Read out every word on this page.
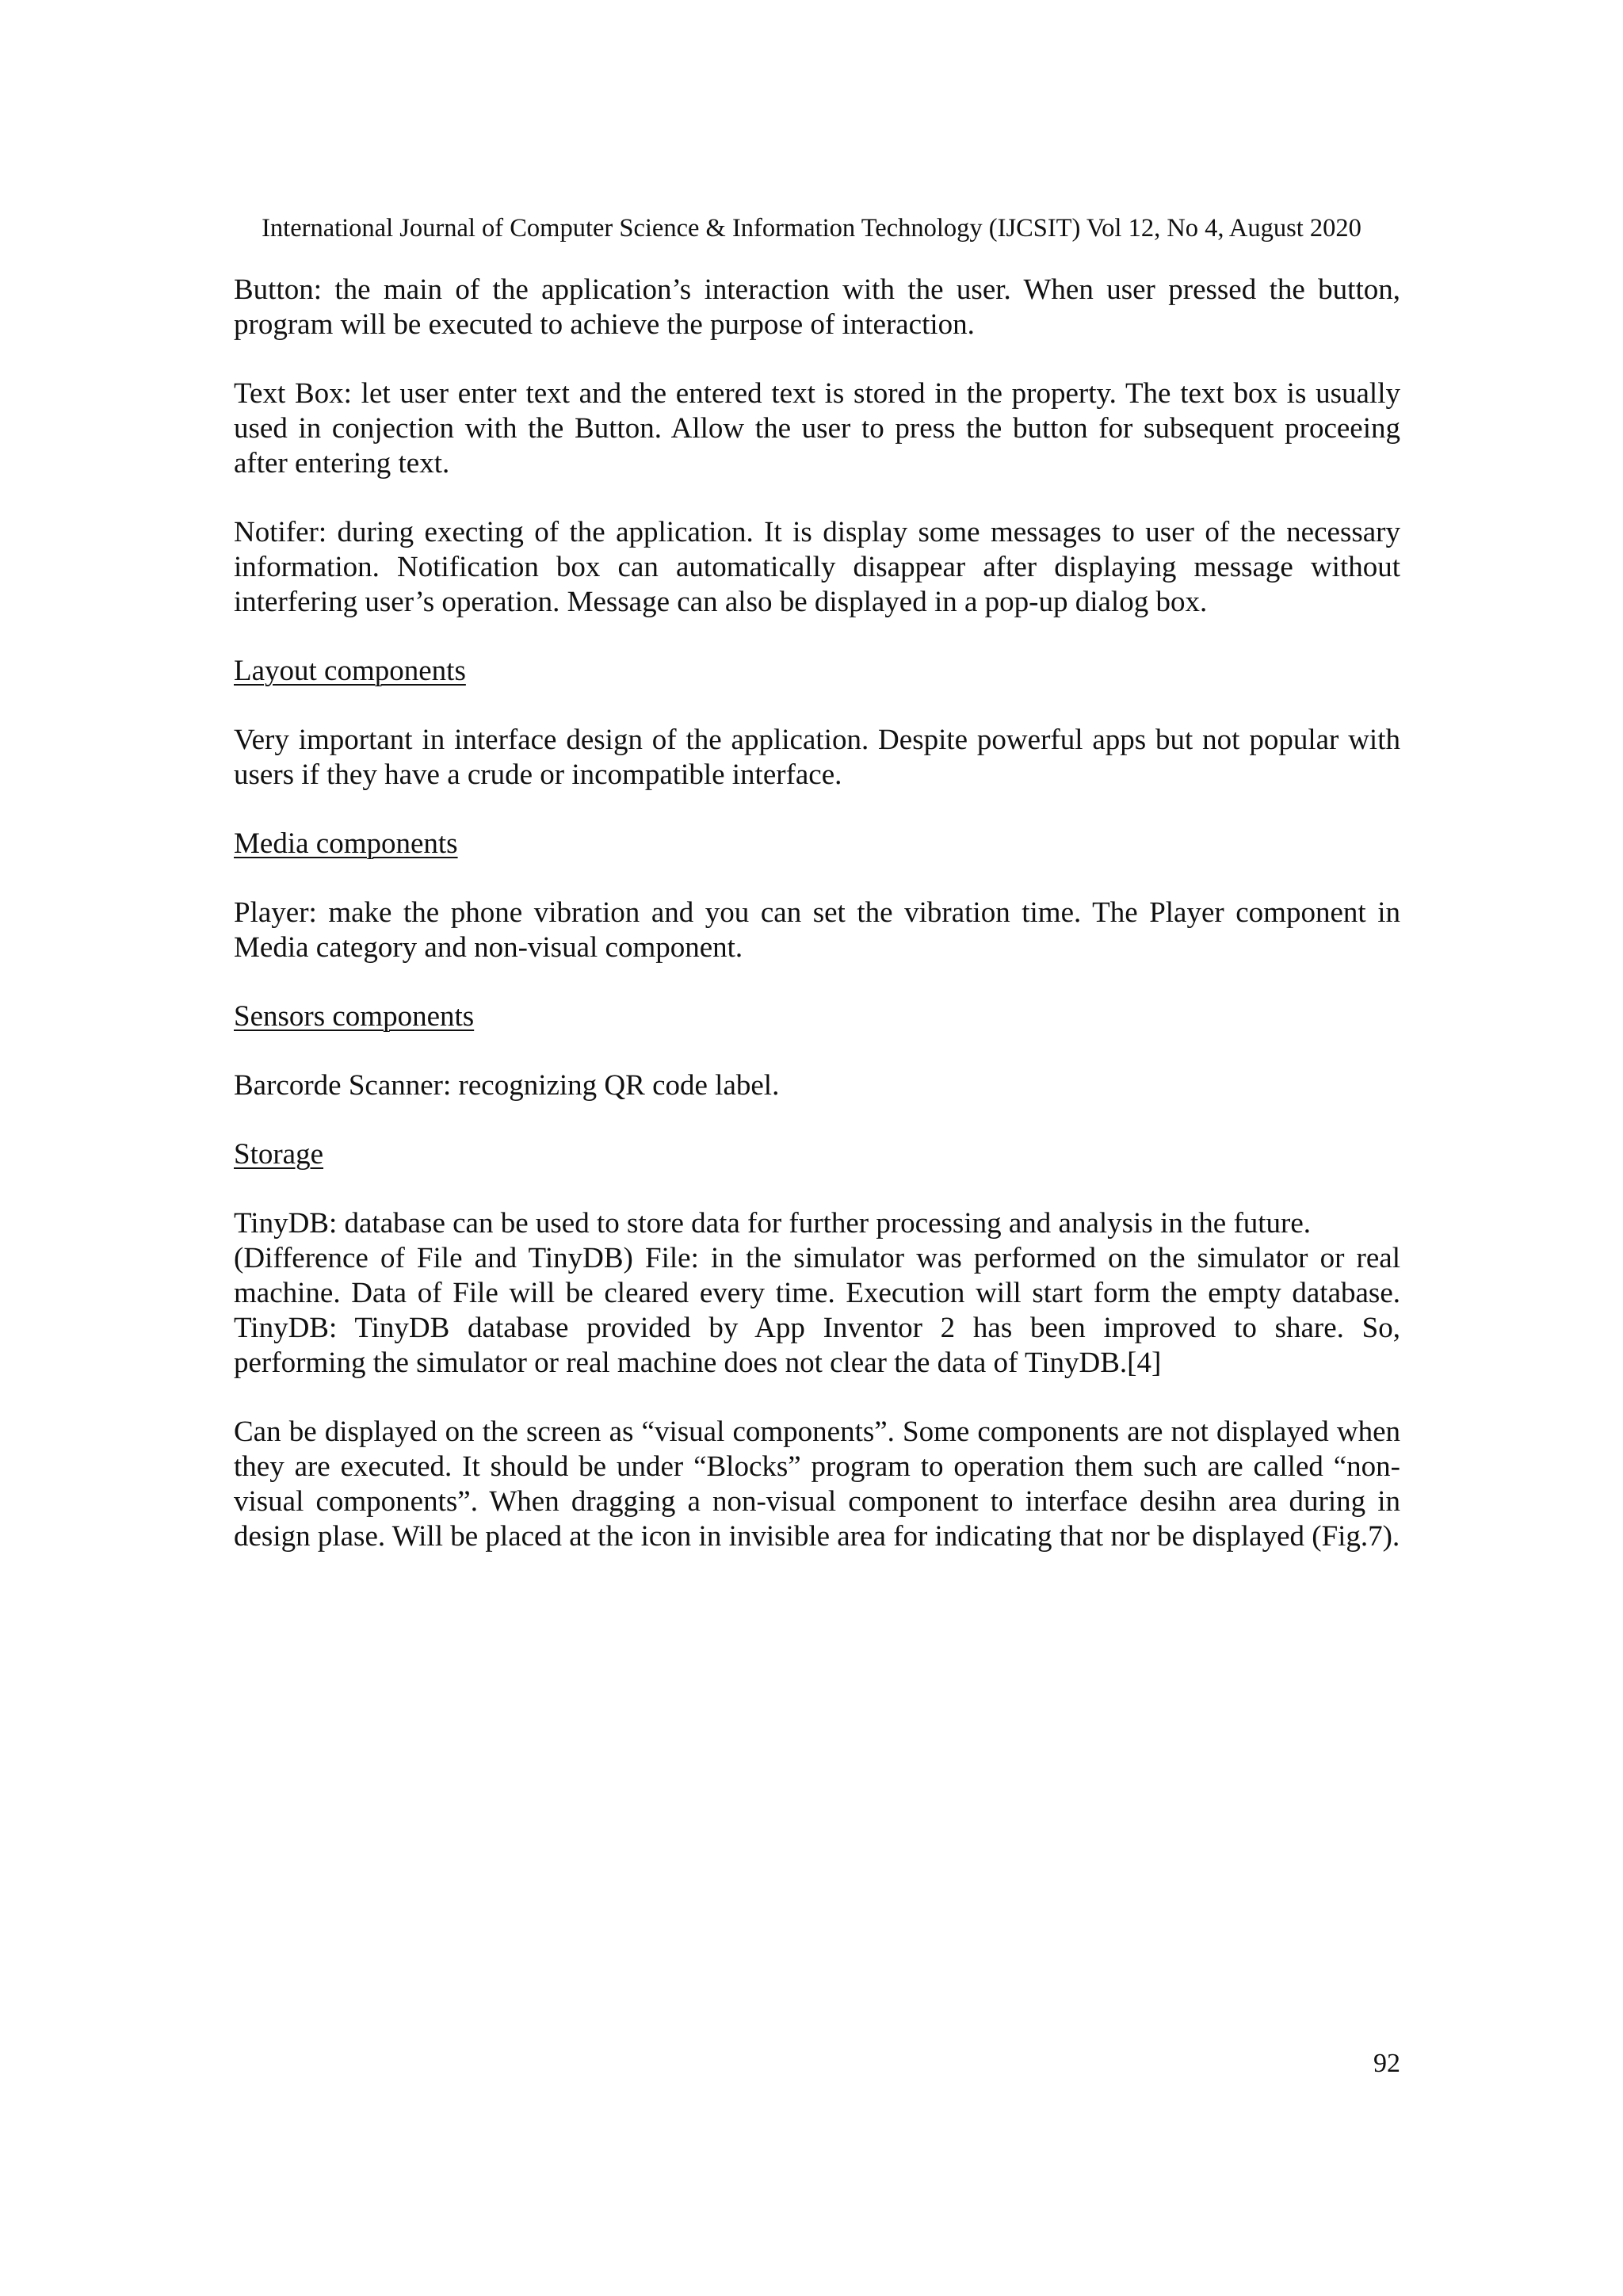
International Journal of Computer Science & Information Technology (IJCSIT) Vol 12, No 4, August 2020

Button: the main of the application’s interaction with the user. When user pressed the button, program will be executed to achieve the purpose of interaction.

Text Box: let user enter text and the entered text is stored in the property. The text box is usually used in conjection with the Button. Allow the user to press the button for subsequent proceeing after entering text.

Notifer: during execting of the application. It is display some messages to user of the necessary information. Notification box can automatically disappear after displaying message without interfering user’s operation. Message can also be displayed in a pop-up dialog box.

Layout components

Very important in interface design of the application. Despite powerful apps but not popular with users if they have a crude or incompatible interface.

Media components

Player: make the phone vibration and you can set the vibration time. The Player component in Media category and non-visual component.

Sensors components

Barcorde Scanner: recognizing QR code label.

Storage

TinyDB: database can be used to store data for further processing and analysis in the future.

(Difference of File and TinyDB) File: in the simulator was performed on the simulator or real machine. Data of File will be cleared every time. Execution will start form the empty database. TinyDB: TinyDB database provided by App Inventor 2 has been improved to share. So, performing the simulator or real machine does not clear the data of TinyDB.[4]

Can be displayed on the screen as “visual components”. Some components are not displayed when they are executed. It should be under “Blocks” program to operation them such are called “non-visual components”. When dragging a non-visual component to interface desihn area during in design plase. Will be placed at the icon in invisible area for indicating that nor be displayed (Fig.7).

92
